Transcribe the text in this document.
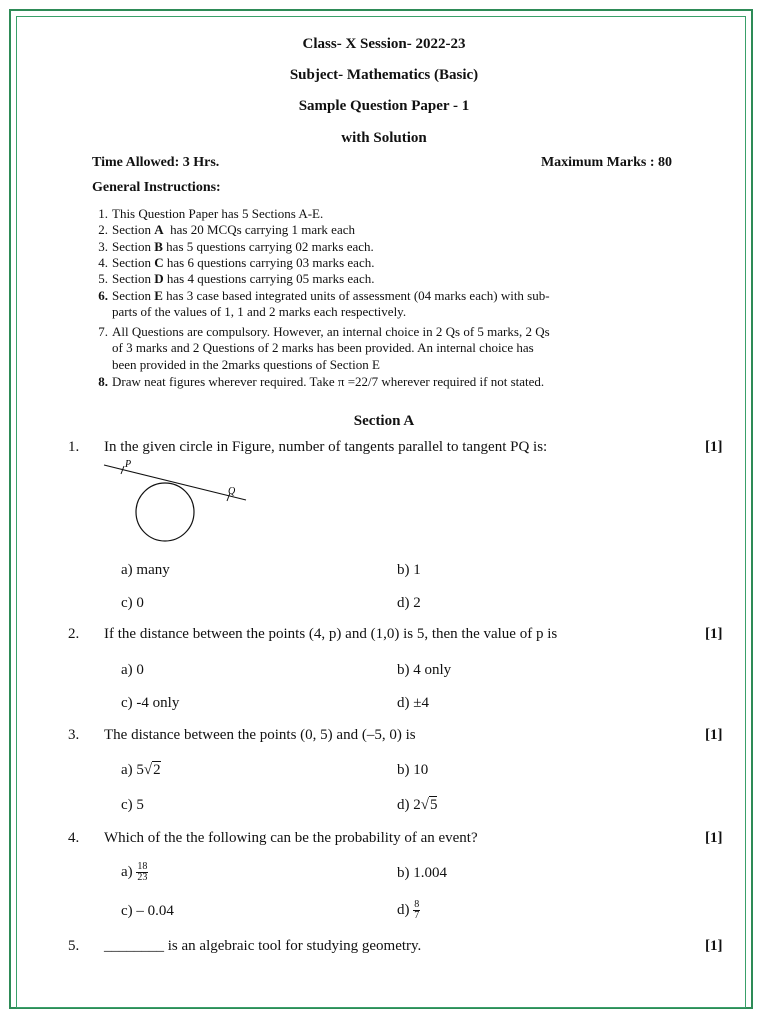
Class- X Session- 2022-23
Subject- Mathematics (Basic)
Sample Question Paper - 1
with Solution
Time Allowed: 3 Hrs.	Maximum Marks : 80
General Instructions:
1. This Question Paper has 5 Sections A-E.
2. Section A  has 20 MCQs carrying 1 mark each
3. Section B has 5 questions carrying 02 marks each.
4. Section C has 6 questions carrying 03 marks each.
5. Section D has 4 questions carrying 05 marks each.
6. Section E has 3 case based integrated units of assessment (04 marks each) with sub-
parts of the values of 1, 1 and 2 marks each respectively.
7. All Questions are compulsory. However, an internal choice in 2 Qs of 5 marks, 2 Qs
of 3 marks and 2 Questions of 2 marks has been provided. An internal choice has
been provided in the 2marks questions of Section E
8. Draw neat figures wherever required. Take π =22/7 wherever required if not stated.
Section A
1. In the given circle in Figure, number of tangents parallel to tangent PQ is:	[1]
P
Q
a) many	b) 1
c) 0	d) 2
2. If the distance between the points (4, p) and (1,0) is 5, then the value of p is	[1]
a) 0	b) 4 only
c) -4 only	d) ±4
3. The distance between the points (0, 5) and (–5, 0) is	[1]
a) 5√2	b) 10
c) 5	d) 2√5
4. Which of the the following can be the probability of an event?	[1]
$a) \frac{18}{23}$	b) 1.004
c) – 0.04	$d) \frac{8}{7}$
5. ________ is an algebraic tool for studying geometry.	[1]
